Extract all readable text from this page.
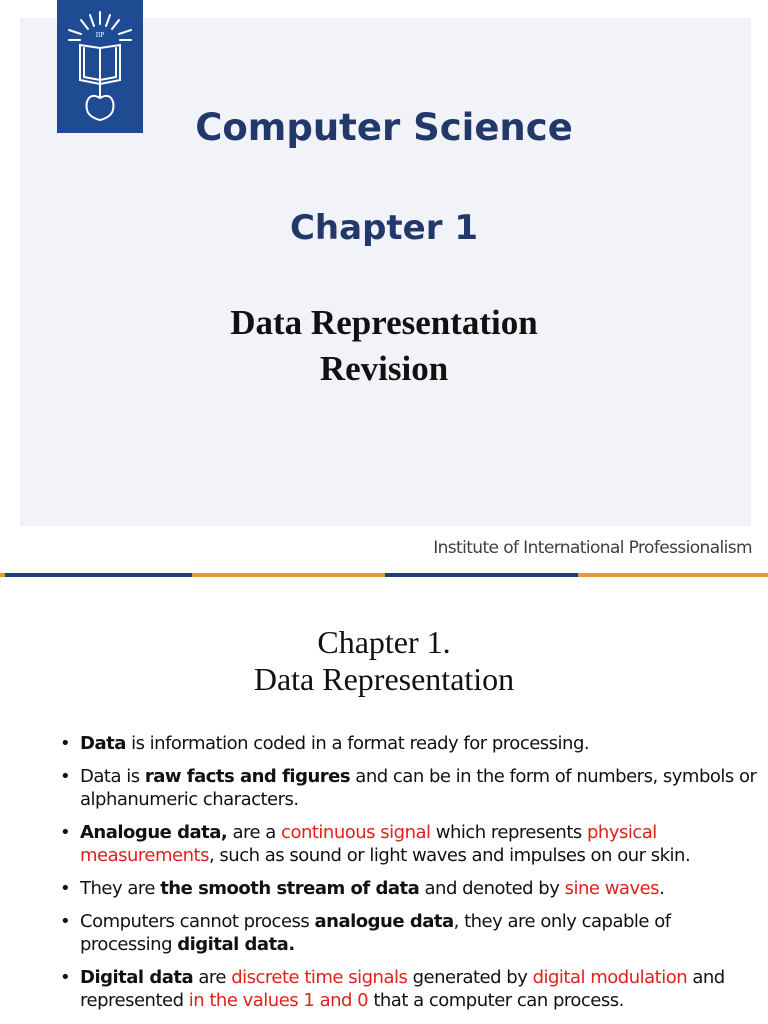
IIP
Computer Science
Chapter 1
Data Representation
Revision
Institute of International Professionalism
Chapter 1.
Data Representation
• Data is information coded in a format ready for processing.
• Data is raw facts and figures and can be in the form of numbers, symbols or alphanumeric characters.
• Analogue data, are a continuous signal which represents physical measurements, such as sound or light waves and impulses on our skin.
• They are the smooth stream of data and denoted by sine waves.
• Computers cannot process analogue data, they are only capable of processing digital data.
• Digital data are discrete time signals generated by digital modulation and represented in the values 1 and 0 that a computer can process.
